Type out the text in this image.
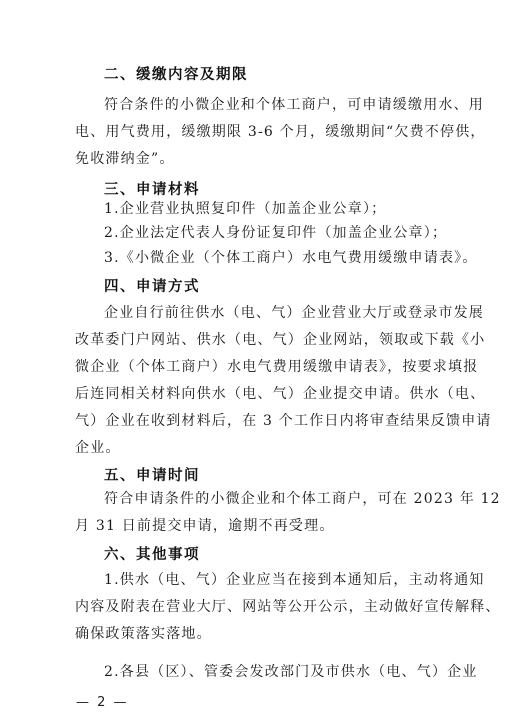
二、缓缴内容及期限
符合条件的小微企业和个体工商户，可申请缓缴用水、用
电、用气费用，缓缴期限 3-6 个月，缓缴期间“欠费不停供，
免收滞纳金”。
三、申请材料
1.企业营业执照复印件（加盖企业公章）；
2.企业法定代表人身份证复印件（加盖企业公章）；
3.《小微企业（个体工商户）水电气费用缓缴申请表》。
四、申请方式
企业自行前往供水（电、气）企业营业大厅或登录市发展
改革委门户网站、供水（电、气）企业网站，领取或下载《小
微企业（个体工商户）水电气费用缓缴申请表》，按要求填报
后连同相关材料向供水（电、气）企业提交申请。供水（电、
气）企业在收到材料后，在 3 个工作日内将审查结果反馈申请
企业。
五、申请时间
符合申请条件的小微企业和个体工商户，可在 2023 年 12
月 31 日前提交申请，逾期不再受理。
六、其他事项
1.供水（电、气）企业应当在接到本通知后，主动将通知
内容及附表在营业大厅、网站等公开公示，主动做好宣传解释、
确保政策落实落地。
2.各县（区）、管委会发改部门及市供水（电、气）企业
— 2 —
